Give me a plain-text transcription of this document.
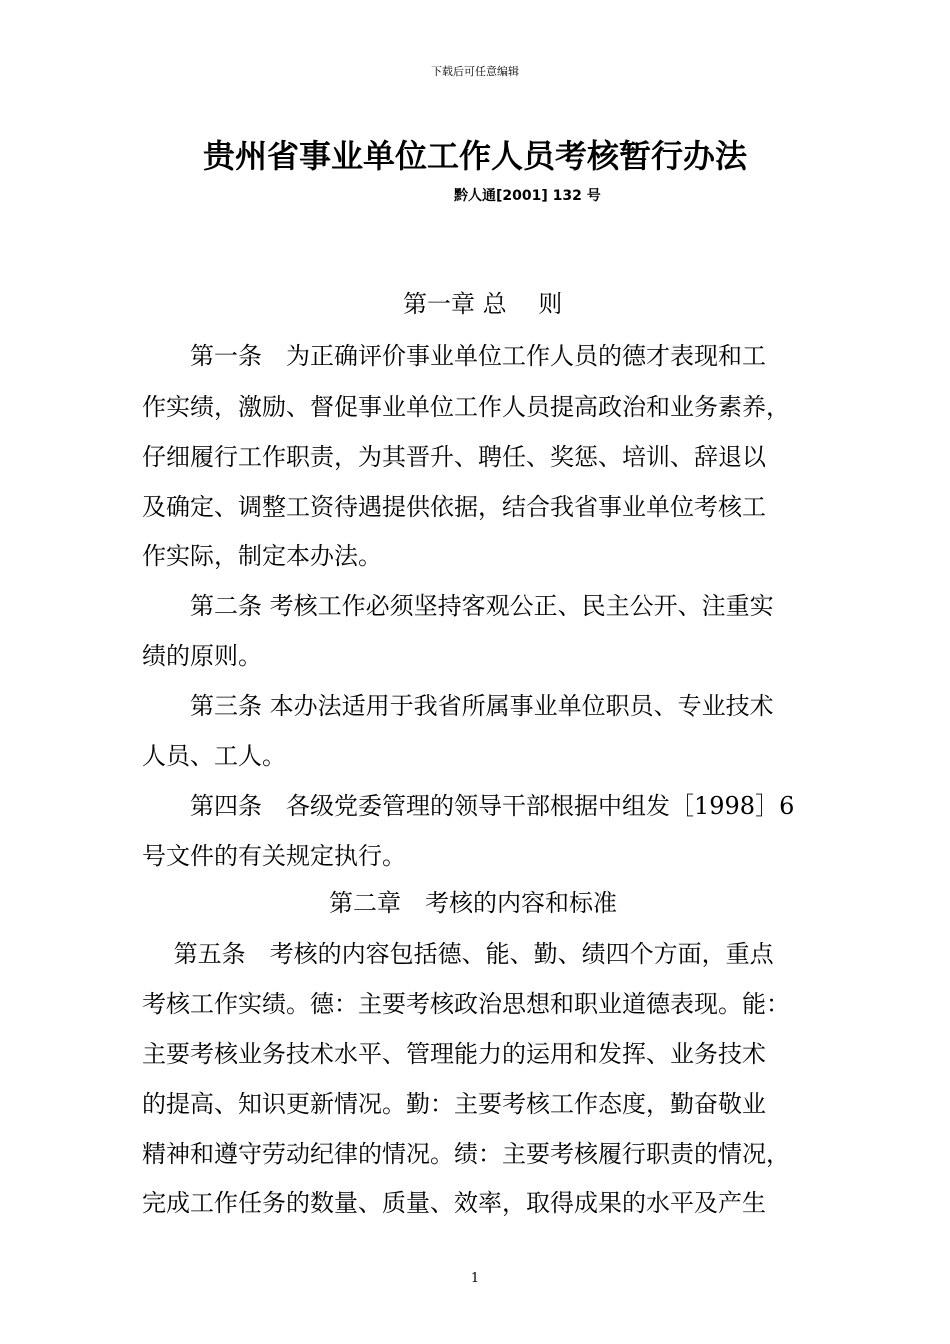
下载后可任意编辑
贵州省事业单位工作人员考核暂行办法
黔人通[2001] 132 号
第一章 总　 则
　　第一条　为正确评价事业单位工作人员的德才表现和工
作实绩，激励、督促事业单位工作人员提高政治和业务素养，
仔细履行工作职责，为其晋升、聘任、奖惩、培训、辞退以
及确定、调整工资待遇提供依据，结合我省事业单位考核工
作实际，制定本办法。
　　第二条 考核工作必须坚持客观公正、民主公开、注重实
绩的原则。
　　第三条 本办法适用于我省所属事业单位职员、专业技术
人员、工人。
　　第四条　各级党委管理的领导干部根据中组发［1998］6
号文件的有关规定执行。
第二章　考核的内容和标准
　第五条　考核的内容包括德、能、勤、绩四个方面，重点
考核工作实绩。德：主要考核政治思想和职业道德表现。能：
主要考核业务技术水平、管理能力的运用和发挥、业务技术
的提高、知识更新情况。勤：主要考核工作态度，勤奋敬业
精神和遵守劳动纪律的情况。绩：主要考核履行职责的情况，
完成工作任务的数量、质量、效率，取得成果的水平及产生
1
